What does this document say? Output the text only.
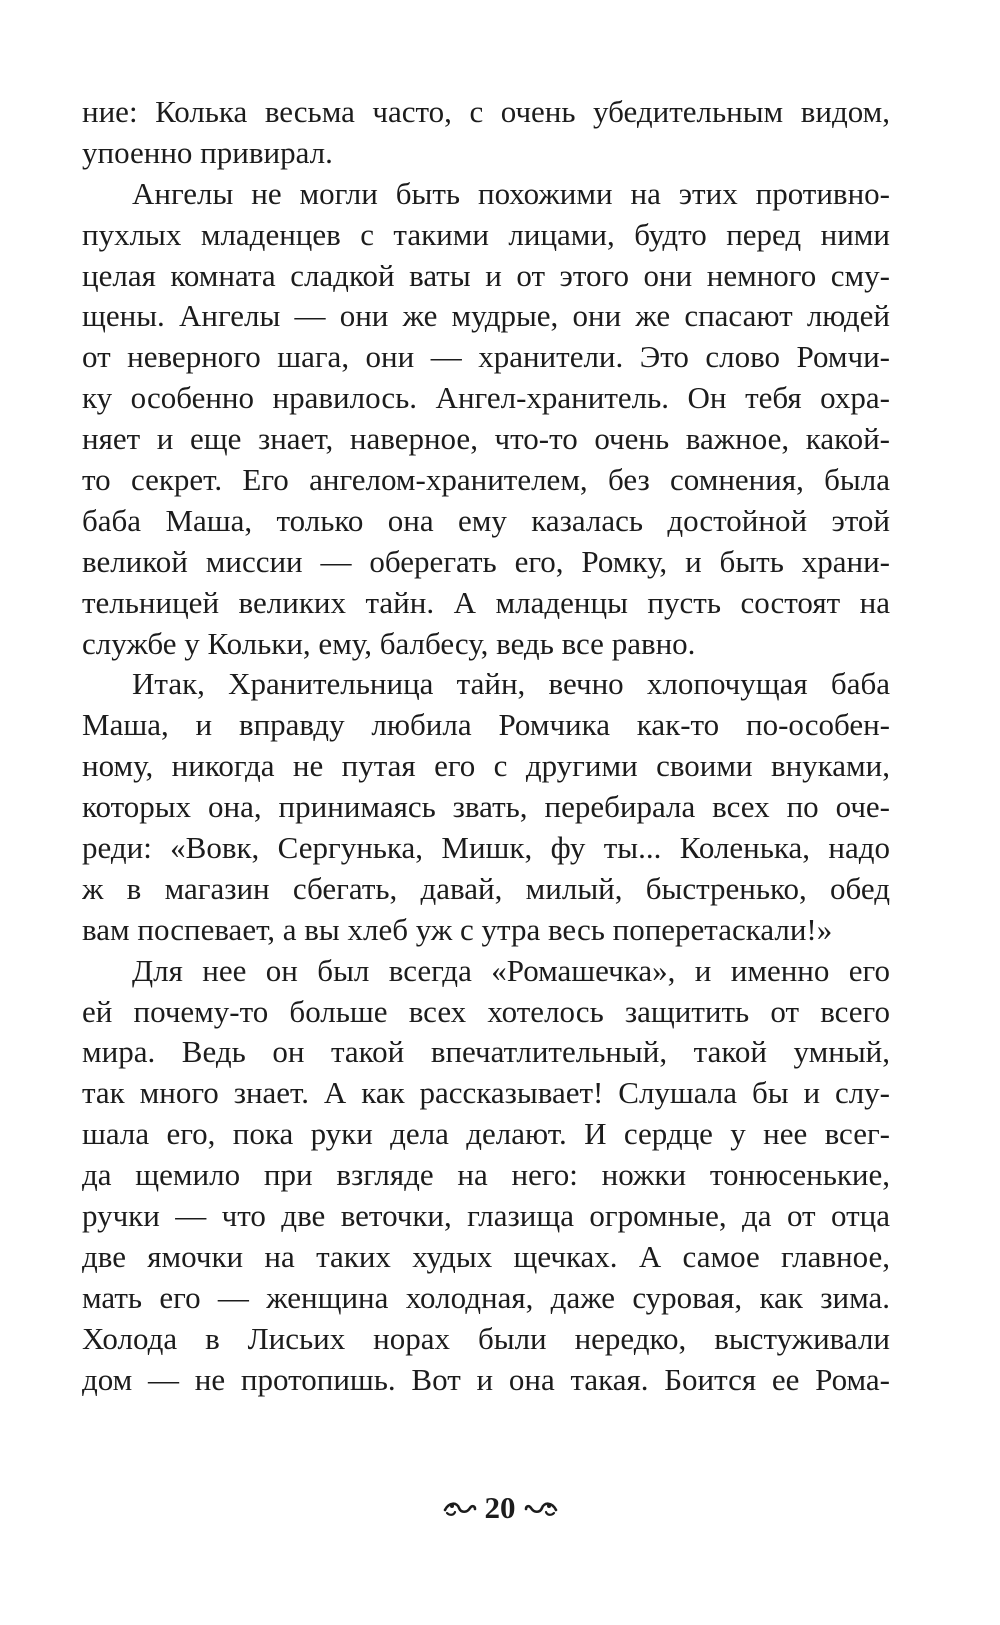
ние: Колька весьма часто, с очень убедительным видом,
упоенно привирал.
Ангелы не могли быть похожими на этих противно-
пухлых младенцев с такими лицами, будто перед ними
целая комната сладкой ваты и от этого они немного сму-
щены. Ангелы — они же мудрые, они же спасают людей
от неверного шага, они — хранители. Это слово Ромчи-
ку особенно нравилось. Ангел-хранитель. Он тебя охра-
няет и еще знает, наверное, что-то очень важное, какой-
то секрет. Его ангелом-хранителем, без сомнения, была
баба Маша, только она ему казалась достойной этой
великой миссии — оберегать его, Ромку, и быть храни-
тельницей великих тайн. А младенцы пусть состоят на
службе у Кольки, ему, балбесу, ведь все равно.
Итак, Хранительница тайн, вечно хлопочущая баба
Маша, и вправду любила Ромчика как-то по-особен-
ному, никогда не путая его с другими своими внуками,
которых она, принимаясь звать, перебирала всех по оче-
реди: «Вовк, Сергунька, Мишк, фу ты... Коленька, надо
ж в магазин сбегать, давай, милый, быстренько, обед
вам поспевает, а вы хлеб уж с утра весь поперетаскали!»
Для нее он был всегда «Ромашечка», и именно его
ей почему-то больше всех хотелось защитить от всего
мира. Ведь он такой впечатлительный, такой умный,
так много знает. А как рассказывает! Слушала бы и слу-
шала его, пока руки дела делают. И сердце у нее всег-
да щемило при взгляде на него: ножки тонюсенькие,
ручки — что две веточки, глазища огромные, да от отца
две ямочки на таких худых щечках. А самое главное,
мать его — женщина холодная, даже суровая, как зима.
Холода в Лисьих норах были нередко, выстуживали
дом — не протопишь. Вот и она такая. Боится ее Рома-
20
